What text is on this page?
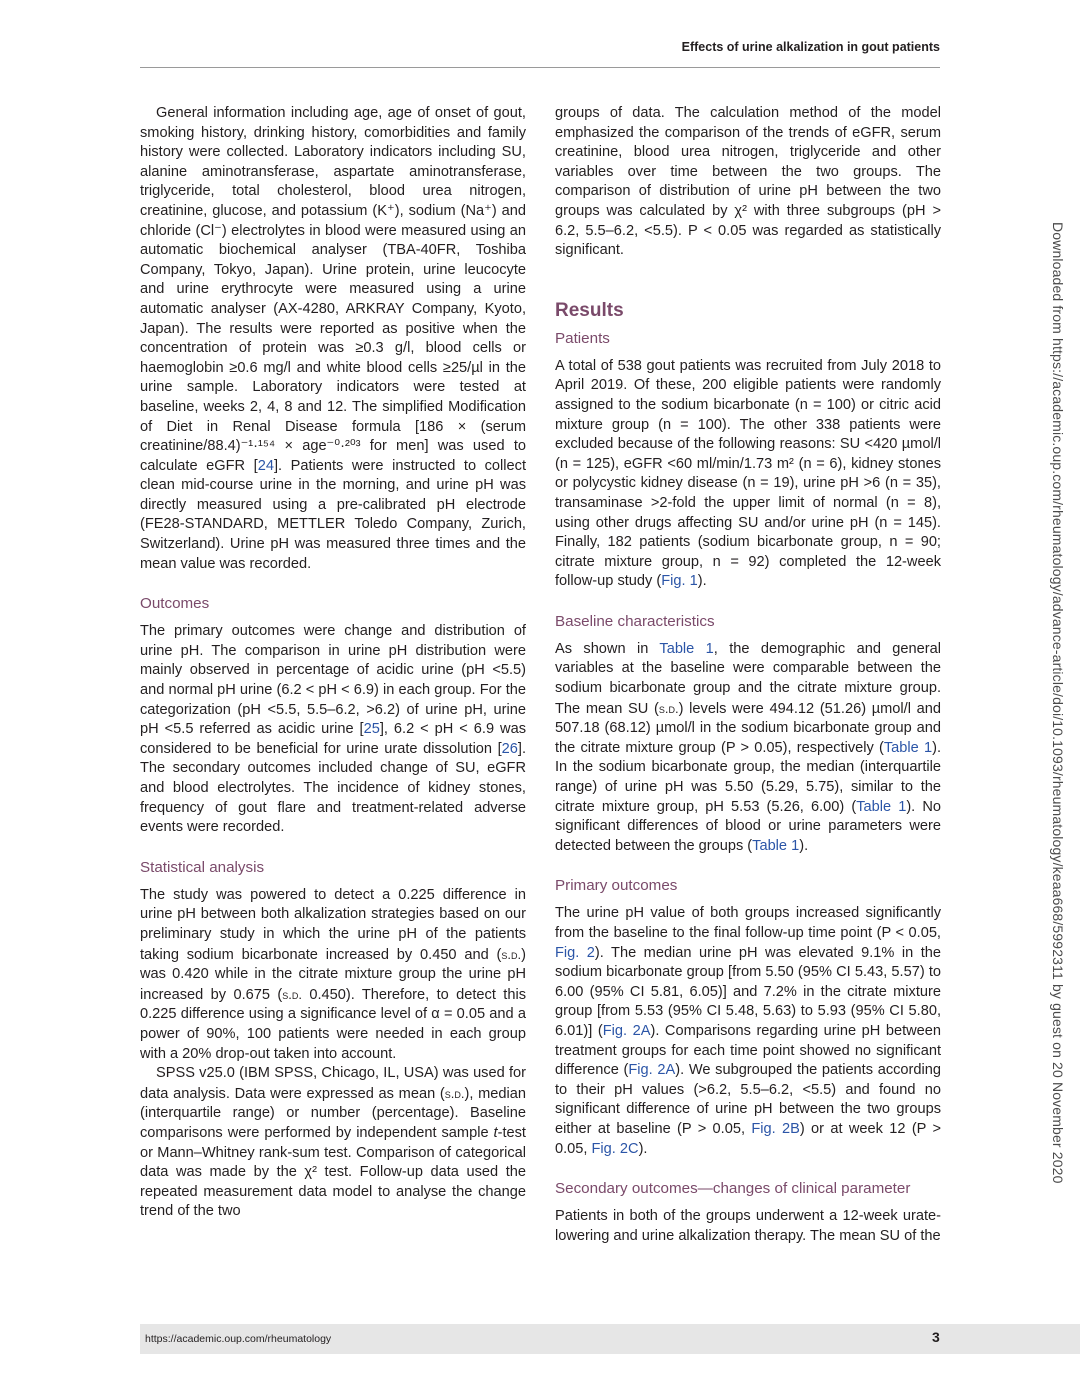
Effects of urine alkalization in gout patients

General information including age, age of onset of gout, smoking history, drinking history, comorbidities and family history were collected. Laboratory indicators including SU, alanine aminotransferase, aspartate aminotransferase, triglyceride, total cholesterol, blood urea nitrogen, creatinine, glucose, and potassium (K⁺), sodium (Na⁺) and chloride (Cl⁻) electrolytes in blood were measured using an automatic biochemical analyser (TBA-40FR, Toshiba Company, Tokyo, Japan). Urine protein, urine leucocyte and urine erythrocyte were measured using a urine automatic analyser (AX-4280, ARKRAY Company, Kyoto, Japan). The results were reported as positive when the concentration of protein was ≥0.3 g/l, blood cells or haemoglobin ≥0.6 mg/l and white blood cells ≥25/µl in the urine sample. Laboratory indicators were tested at baseline, weeks 2, 4, 8 and 12. The simplified Modification of Diet in Renal Disease formula [186 × (serum creatinine/88.4)⁻¹·¹⁵⁴ × age⁻⁰·²⁰³ for men] was used to calculate eGFR [24]. Patients were instructed to collect clean mid-course urine in the morning, and urine pH was directly measured using a pre-calibrated pH electrode (FE28-STANDARD, METTLER Toledo Company, Zurich, Switzerland). Urine pH was measured three times and the mean value was recorded.

Outcomes

The primary outcomes were change and distribution of urine pH. The comparison in urine pH distribution were mainly observed in percentage of acidic urine (pH <5.5) and normal pH urine (6.2 < pH < 6.9) in each group. For the categorization (pH <5.5, 5.5–6.2, >6.2) of urine pH, urine pH <5.5 referred as acidic urine [25], 6.2 < pH < 6.9 was considered to be beneficial for urine urate dissolution [26]. The secondary outcomes included change of SU, eGFR and blood electrolytes. The incidence of kidney stones, frequency of gout flare and treatment-related adverse events were recorded.

Statistical analysis

The study was powered to detect a 0.225 difference in urine pH between both alkalization strategies based on our preliminary study in which the urine pH of the patients taking sodium bicarbonate increased by 0.450 and (s.d.) was 0.420 while in the citrate mixture group the urine pH increased by 0.675 (s.d. 0.450). Therefore, to detect this 0.225 difference using a significance level of α = 0.05 and a power of 90%, 100 patients were needed in each group with a 20% drop-out taken into account.

SPSS v25.0 (IBM SPSS, Chicago, IL, USA) was used for data analysis. Data were expressed as mean (s.d.), median (interquartile range) or number (percentage). Baseline comparisons were performed by independent sample t-test or Mann–Whitney rank-sum test. Comparison of categorical data was made by the χ² test. Follow-up data used the repeated measurement data model to analyse the change trend of the two

groups of data. The calculation method of the model emphasized the comparison of the trends of eGFR, serum creatinine, blood urea nitrogen, triglyceride and other variables over time between the two groups. The comparison of distribution of urine pH between the two groups was calculated by χ² with three subgroups (pH > 6.2, 5.5–6.2, <5.5). P < 0.05 was regarded as statistically significant.

Results
Patients

A total of 538 gout patients was recruited from July 2018 to April 2019. Of these, 200 eligible patients were randomly assigned to the sodium bicarbonate (n = 100) or citric acid mixture group (n = 100). The other 338 patients were excluded because of the following reasons: SU <420 µmol/l (n = 125), eGFR <60 ml/min/1.73 m² (n = 6), kidney stones or polycystic kidney disease (n = 19), urine pH >6 (n = 35), transaminase >2-fold the upper limit of normal (n = 8), using other drugs affecting SU and/or urine pH (n = 145). Finally, 182 patients (sodium bicarbonate group, n = 90; citrate mixture group, n = 92) completed the 12-week follow-up study (Fig. 1).

Baseline characteristics

As shown in Table 1, the demographic and general variables at the baseline were comparable between the sodium bicarbonate group and the citrate mixture group. The mean SU (s.d.) levels were 494.12 (51.26) µmol/l and 507.18 (68.12) µmol/l in the sodium bicarbonate group and the citrate mixture group (P > 0.05), respectively (Table 1). In the sodium bicarbonate group, the median (interquartile range) of urine pH was 5.50 (5.29, 5.75), similar to the citrate mixture group, pH 5.53 (5.26, 6.00) (Table 1). No significant differences of blood or urine parameters were detected between the groups (Table 1).

Primary outcomes

The urine pH value of both groups increased significantly from the baseline to the final follow-up time point (P < 0.05, Fig. 2). The median urine pH was elevated 9.1% in the sodium bicarbonate group [from 5.50 (95% CI 5.43, 5.57) to 6.00 (95% CI 5.81, 6.05)] and 7.2% in the citrate mixture group [from 5.53 (95% CI 5.48, 5.63) to 5.93 (95% CI 5.80, 6.01)] (Fig. 2A). Comparisons regarding urine pH between treatment groups for each time point showed no significant difference (Fig. 2A). We subgrouped the patients according to their pH values (>6.2, 5.5–6.2, <5.5) and found no significant difference of urine pH between the two groups either at baseline (P > 0.05, Fig. 2B) or at week 12 (P > 0.05, Fig. 2C).

Secondary outcomes—changes of clinical parameter

Patients in both of the groups underwent a 12-week urate-lowering and urine alkalization therapy. The mean SU of the

Downloaded from https://academic.oup.com/rheumatology/advance-article/doi/10.1093/rheumatology/keaa668/5992311 by guest on 20 November 2020
https://academic.oup.com/rheumatology	3
